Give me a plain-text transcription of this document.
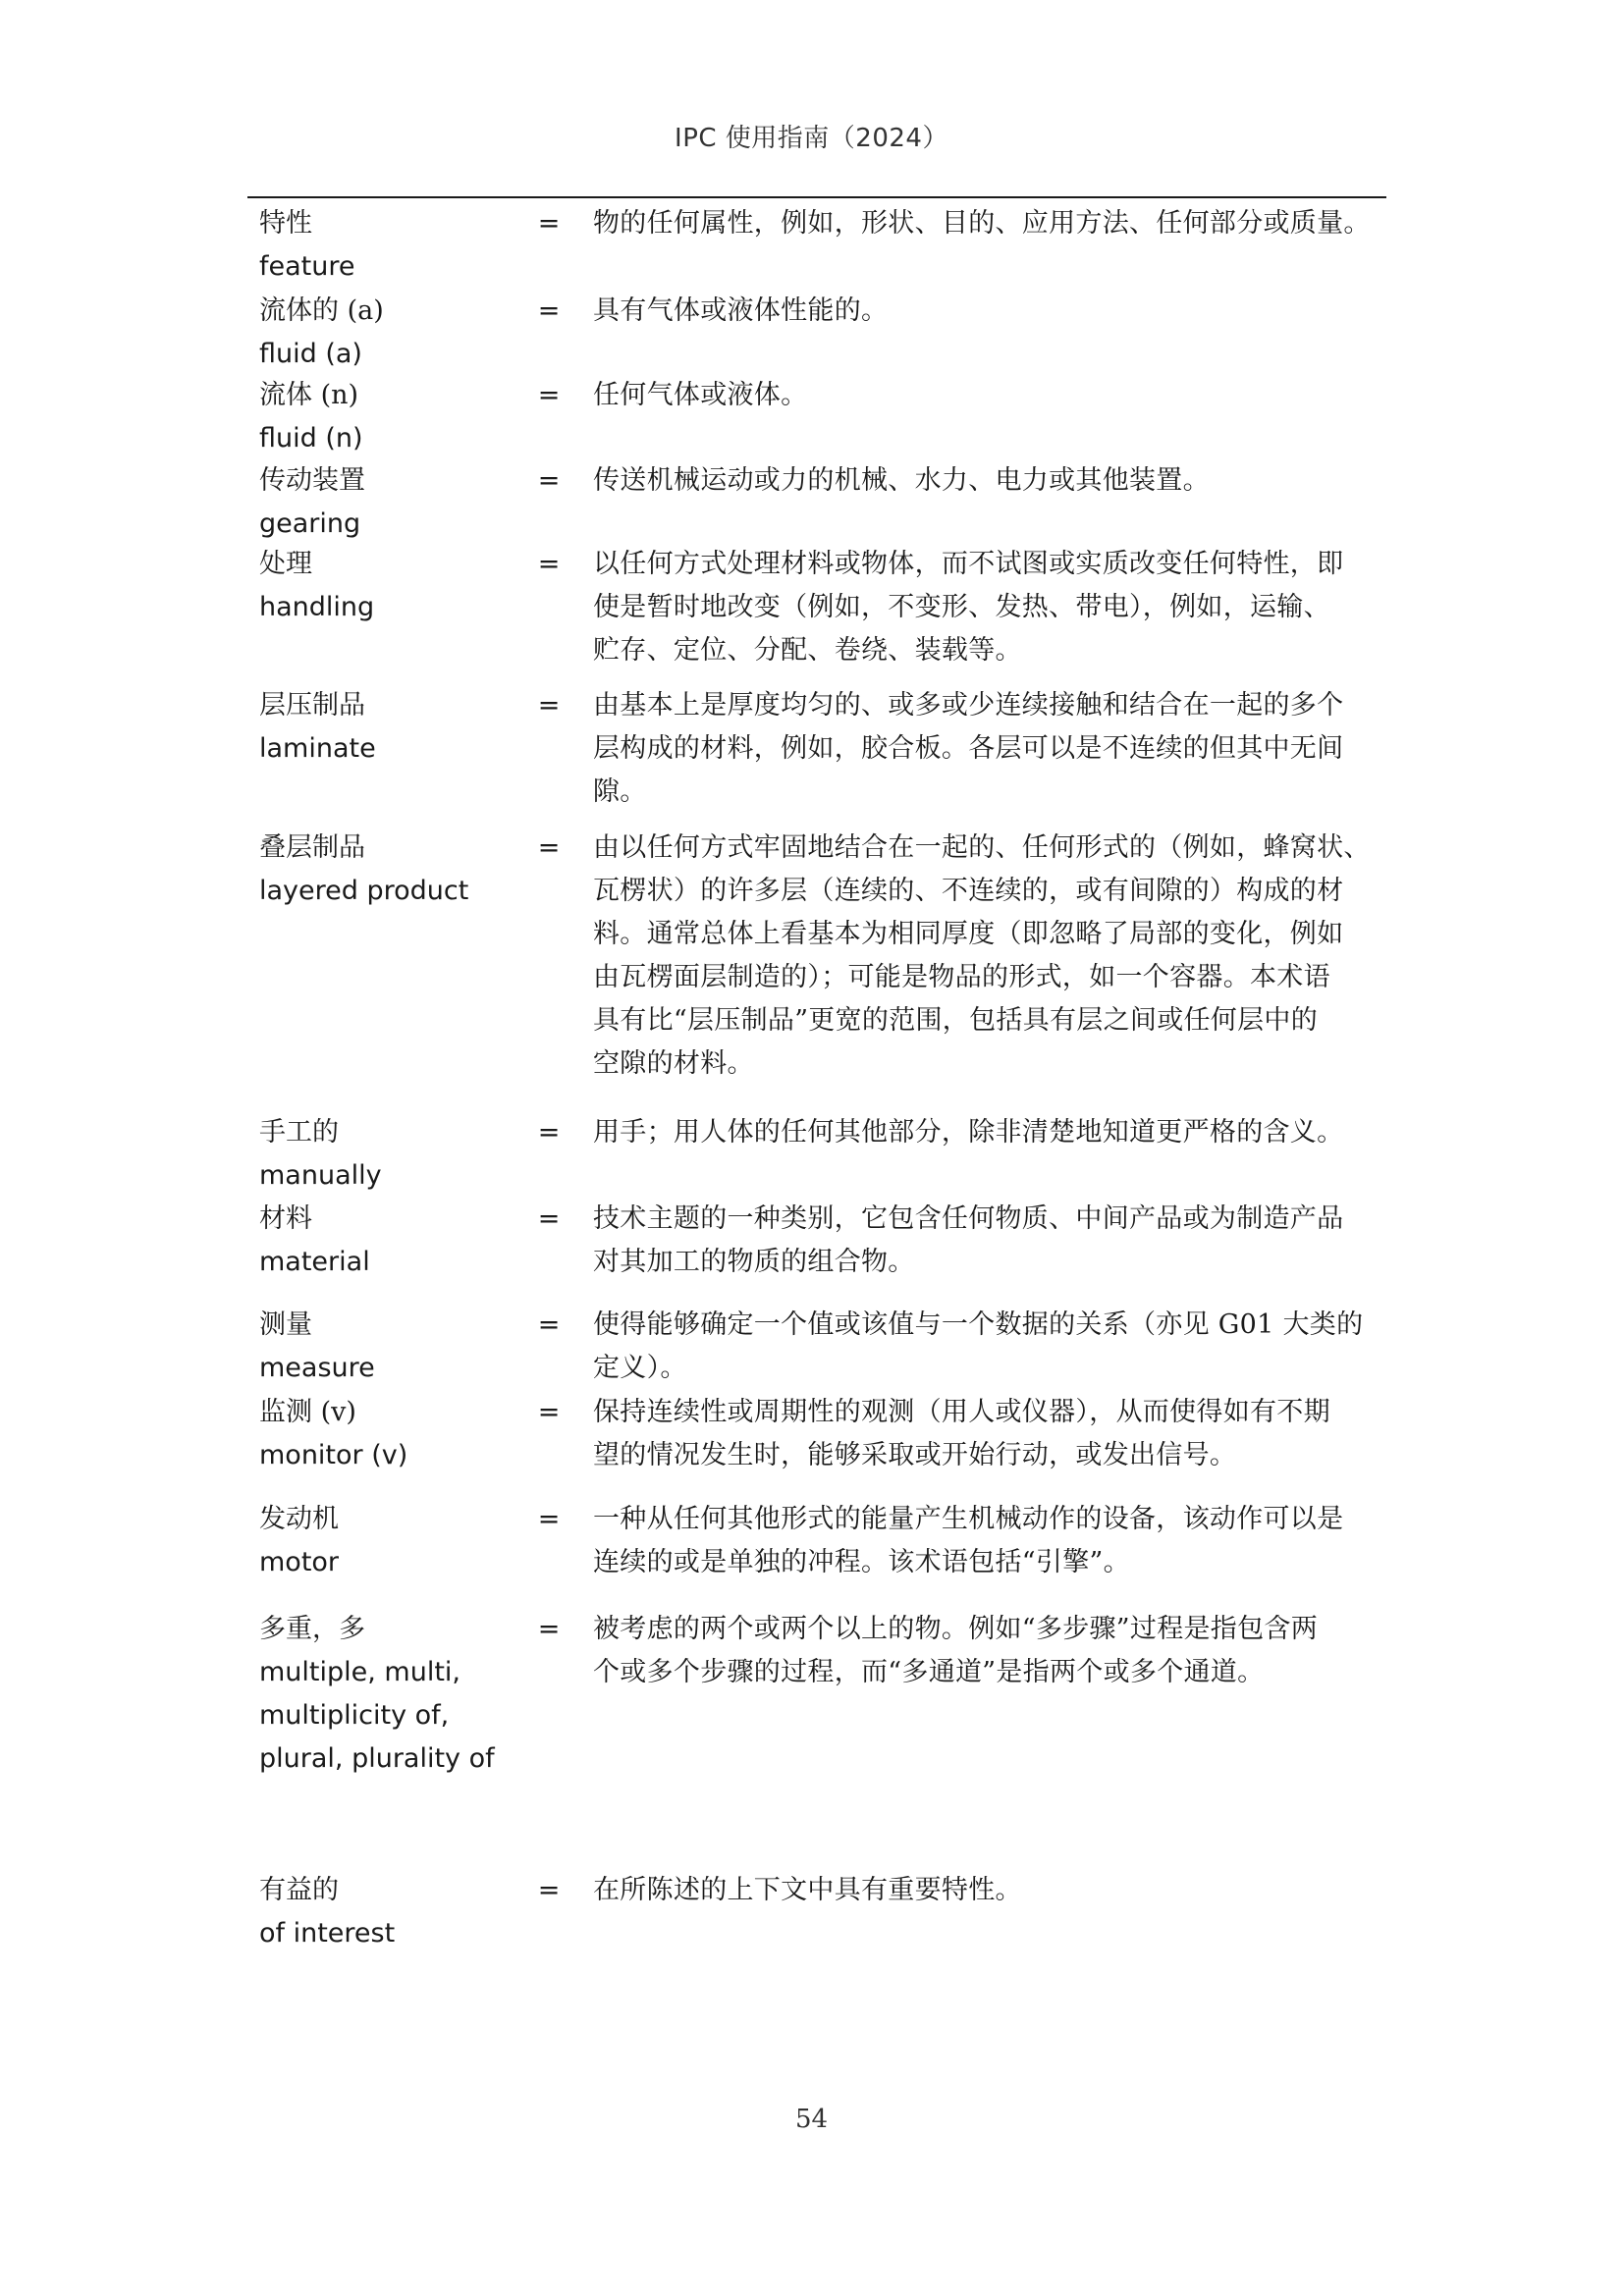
IPC 使用指南（2024）
特性
feature
= 物的任何属性，例如，形状、目的、应用方法、任何部分或质量。
流体的 (a)
fluid (a)
= 具有气体或液体性能的。
流体 (n)
fluid (n)
= 任何气体或液体。
传动装置
gearing
= 传送机械运动或力的机械、水力、电力或其他装置。
处理
handling
= 以任何方式处理材料或物体，而不试图或实质改变任何特性，即
使是暂时地改变（例如，不变形、发热、带电），例如，运输、
贮存、定位、分配、卷绕、装载等。
层压制品
laminate
= 由基本上是厚度均匀的、或多或少连续接触和结合在一起的多个
层构成的材料，例如，胶合板。各层可以是不连续的但其中无间
隙。
叠层制品
layered product
= 由以任何方式牢固地结合在一起的、任何形式的（例如，蜂窝状、
瓦楞状）的许多层（连续的、不连续的，或有间隙的）构成的材
料。通常总体上看基本为相同厚度（即忽略了局部的变化，例如
由瓦楞面层制造的）；可能是物品的形式，如一个容器。本术语
具有比“层压制品”更宽的范围，包括具有层之间或任何层中的
空隙的材料。
手工的
manually
= 用手；用人体的任何其他部分，除非清楚地知道更严格的含义。
材料
material
= 技术主题的一种类别，它包含任何物质、中间产品或为制造产品
对其加工的物质的组合物。
测量
measure
= 使得能够确定一个值或该值与一个数据的关系（亦见 G01 大类的
定义）。
监测 (v)
monitor (v)
= 保持连续性或周期性的观测（用人或仪器），从而使得如有不期
望的情况发生时，能够采取或开始行动，或发出信号。
发动机
motor
= 一种从任何其他形式的能量产生机械动作的设备，该动作可以是
连续的或是单独的冲程。该术语包括“引擎”。
多重，多
multiple, multi,
multiplicity of,
plural, plurality of
= 被考虑的两个或两个以上的物。例如“多步骤”过程是指包含两
个或多个步骤的过程，而“多通道”是指两个或多个通道。
有益的
of interest
= 在所陈述的上下文中具有重要特性。
54
